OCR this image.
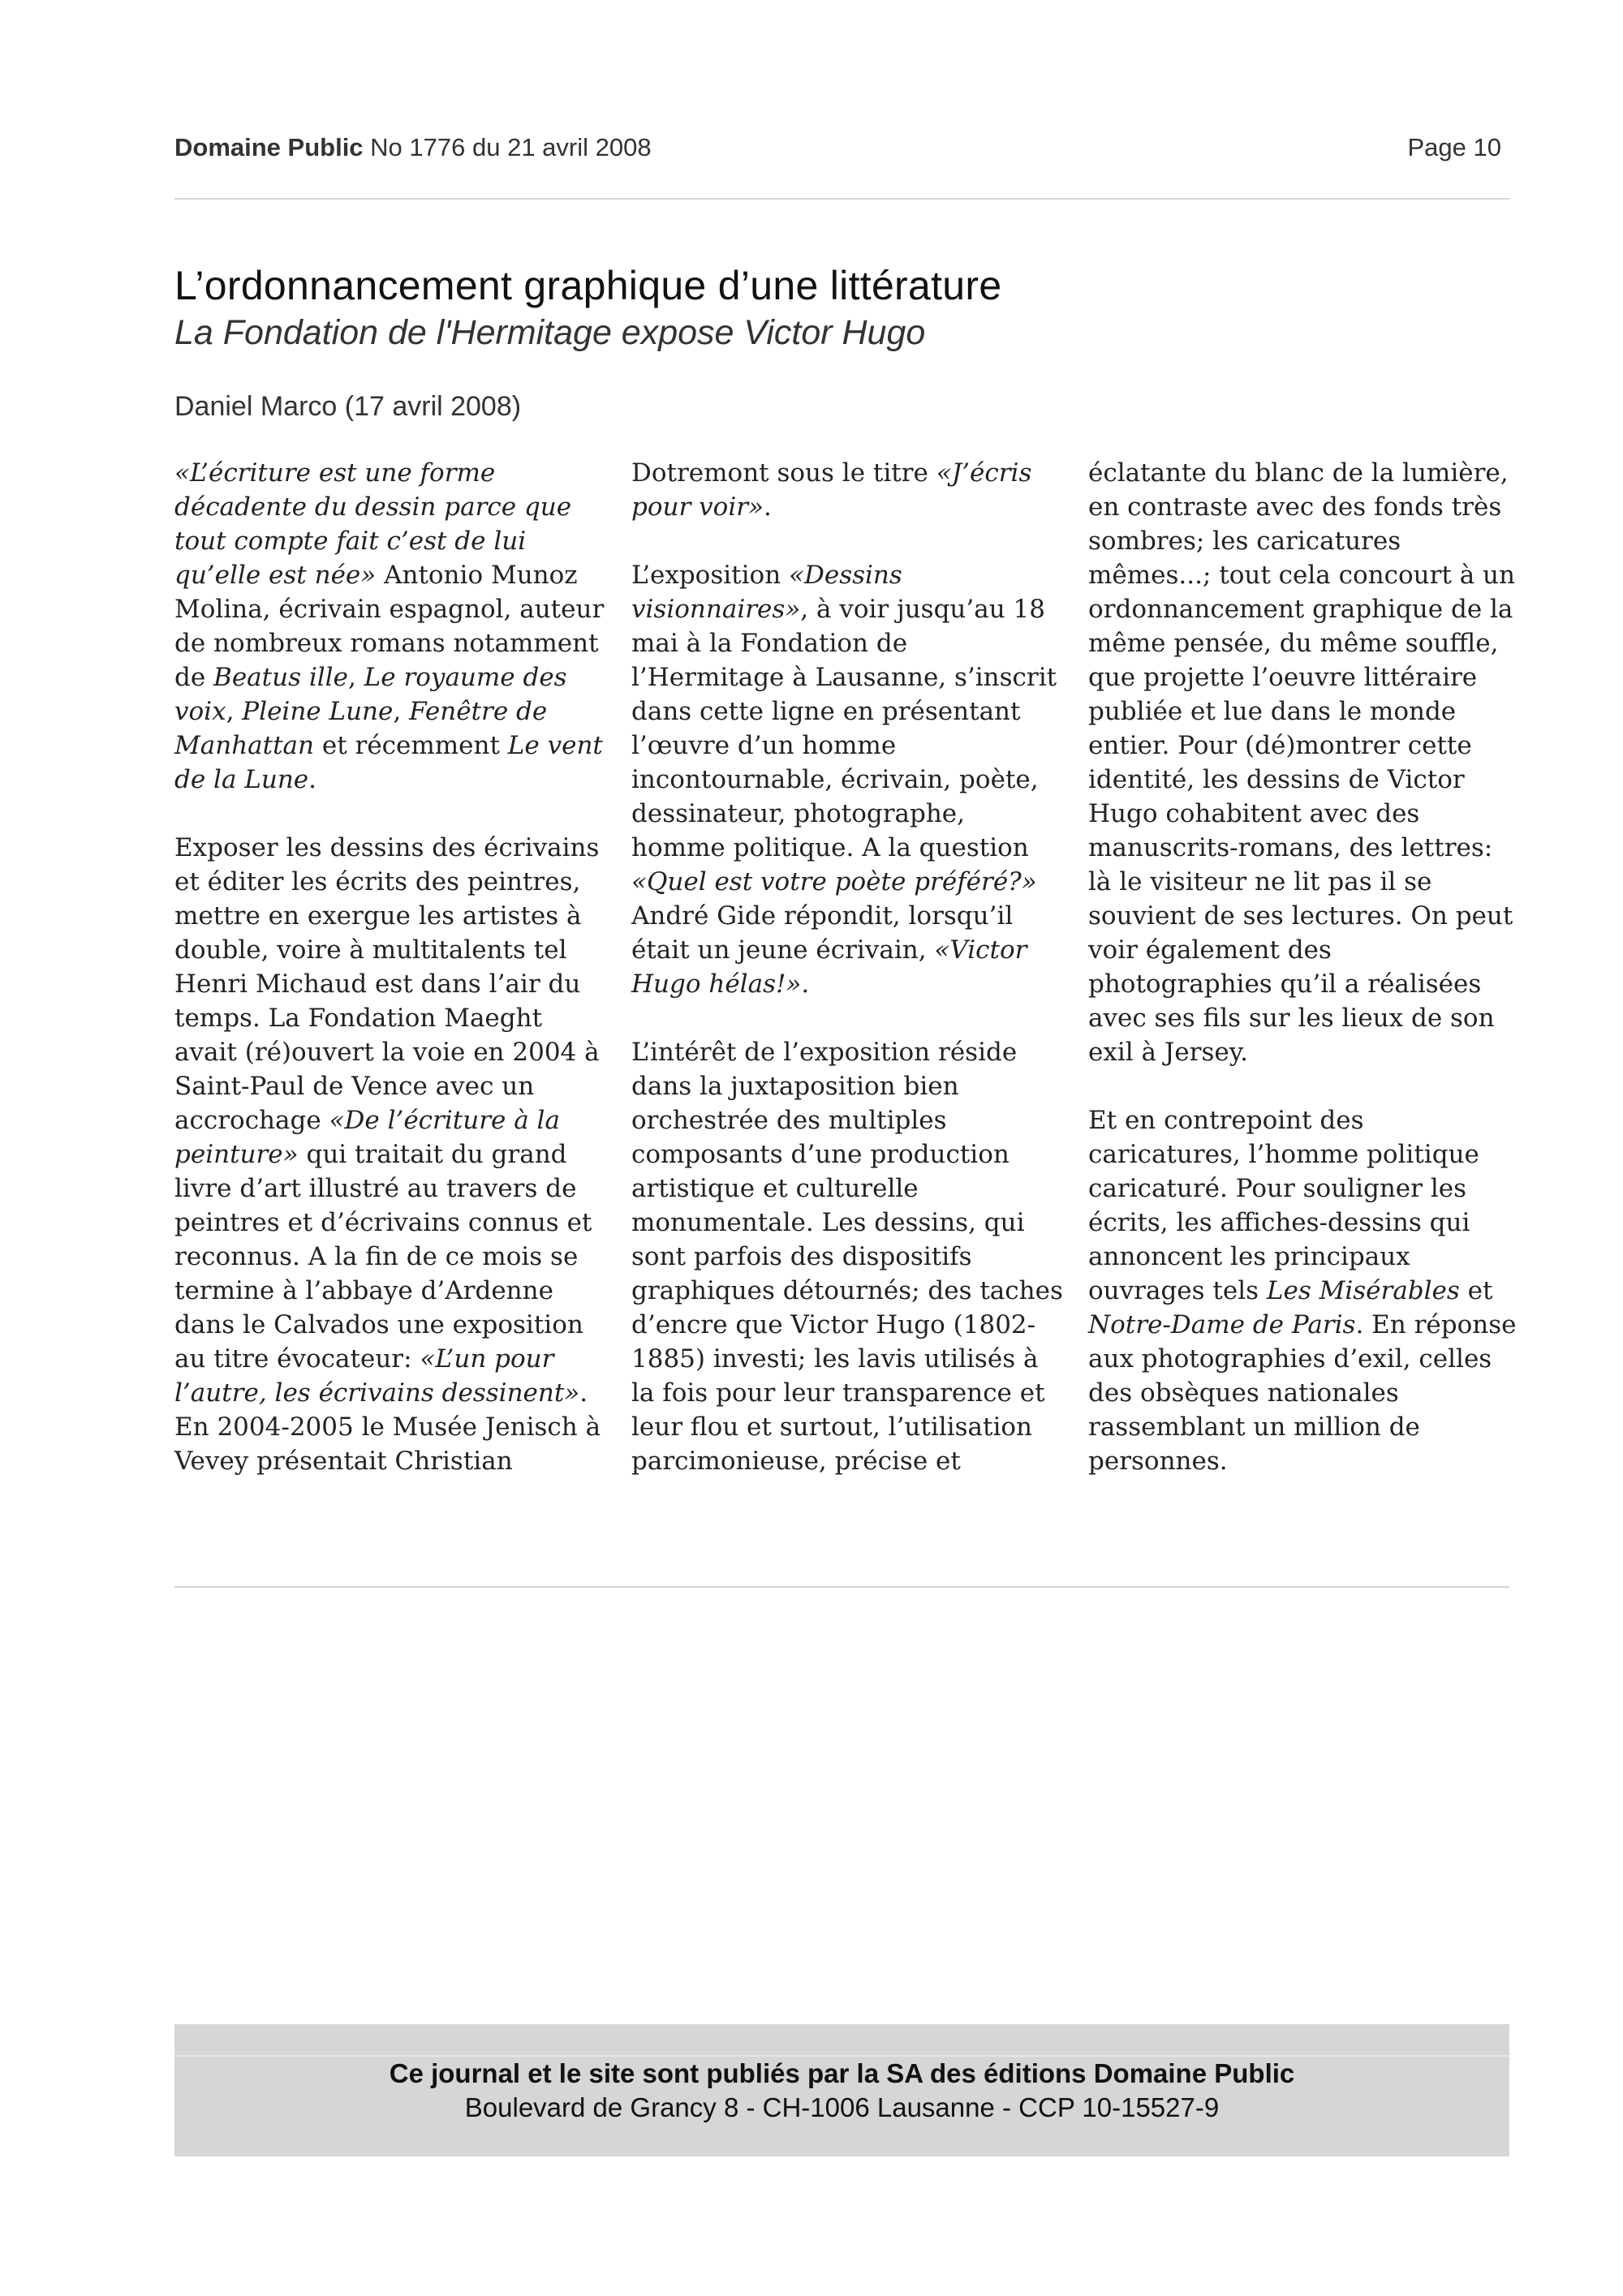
Domaine Public No 1776 du 21 avril 2008	Page 10
L’ordonnancement graphique d’une littérature
La Fondation de l'Hermitage expose Victor Hugo
Daniel Marco (17 avril 2008)

«L’écriture est une forme décadente du dessin parce que tout compte fait c’est de lui qu’elle est née» Antonio Munoz Molina, écrivain espagnol, auteur de nombreux romans notamment de Beatus ille, Le royaume des voix, Pleine Lune, Fenêtre de Manhattan et récemment Le vent de la Lune.

Exposer les dessins des écrivains et éditer les écrits des peintres, mettre en exergue les artistes à double, voire à multitalents tel Henri Michaud est dans l’air du temps. La Fondation Maeght avait (ré)ouvert la voie en 2004 à Saint-Paul de Vence avec un accrochage «De l’écriture à la peinture» qui traitait du grand livre d’art illustré au travers de peintres et d’écrivains connus et reconnus. A la fin de ce mois se termine à l’abbaye d’Ardenne dans le Calvados une exposition au titre évocateur: «L’un pour l’autre, les écrivains dessinent». En 2004-2005 le Musée Jenisch à Vevey présentait Christian

Dotremont sous le titre «J’écris pour voir».

L’exposition «Dessins visionnaires», à voir jusqu’au 18 mai à la Fondation de l’Hermitage à Lausanne, s’inscrit dans cette ligne en présentant l’œuvre d’un homme incontournable, écrivain, poète, dessinateur, photographe, homme politique. A la question «Quel est votre poète préféré?» André Gide répondit, lorsqu’il était un jeune écrivain, «Victor Hugo hélas!».

L’intérêt de l’exposition réside dans la juxtaposition bien orchestrée des multiples composants d’une production artistique et culturelle monumentale. Les dessins, qui sont parfois des dispositifs graphiques détournés; des taches d’encre que Victor Hugo (1802-1885) investi; les lavis utilisés à la fois pour leur transparence et leur flou et surtout, l’utilisation parcimonieuse, précise et

éclatante du blanc de la lumière, en contraste avec des fonds très sombres; les caricatures mêmes...; tout cela concourt à un ordonnancement graphique de la même pensée, du même souffle, que projette l’oeuvre littéraire publiée et lue dans le monde entier. Pour (dé)montrer cette identité, les dessins de Victor Hugo cohabitent avec des manuscrits-romans, des lettres: là le visiteur ne lit pas il se souvient de ses lectures. On peut voir également des photographies qu’il a réalisées avec ses fils sur les lieux de son exil à Jersey.

Et en contrepoint des caricatures, l’homme politique caricaturé. Pour souligner les écrits, les affiches-dessins qui annoncent les principaux ouvrages tels Les Misérables et Notre-Dame de Paris. En réponse aux photographies d’exil, celles des obsèques nationales rassemblant un million de personnes.

Ce journal et le site sont publiés par la SA des éditions Domaine Public
Boulevard de Grancy 8 - CH-1006 Lausanne - CCP 10-15527-9
